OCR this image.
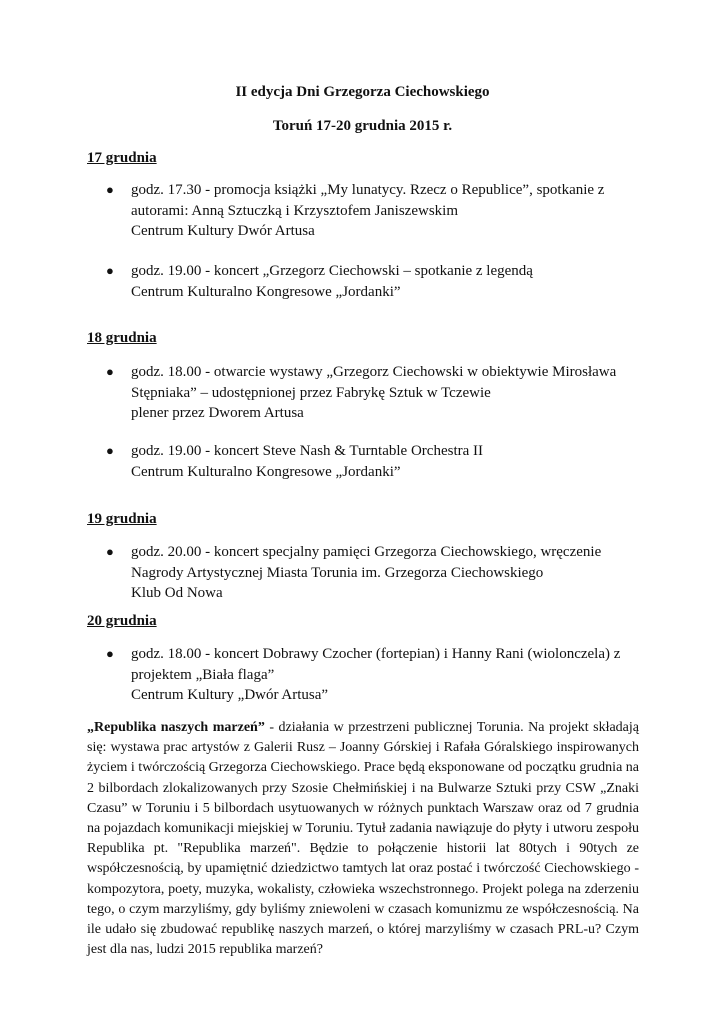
II edycja Dni Grzegorza Ciechowskiego
Toruń 17-20 grudnia 2015 r.
17 grudnia
● godz. 17.30 - promocja książki „My lunatycy. Rzecz o Republice”, spotkanie z
autorami: Anną Sztuczką i Krzysztofem Janiszewskim
Centrum Kultury Dwór Artusa
● godz. 19.00 - koncert „Grzegorz Ciechowski – spotkanie z legendą
Centrum Kulturalno Kongresowe „Jordanki”
18 grudnia
● godz. 18.00 - otwarcie wystawy „Grzegorz Ciechowski w obiektywie Mirosława
Stępniaka” – udostępnionej przez Fabrykę Sztuk w Tczewie
plener przez Dworem Artusa
● godz. 19.00 - koncert Steve Nash & Turntable Orchestra II
Centrum Kulturalno Kongresowe „Jordanki”
19 grudnia
● godz. 20.00 - koncert specjalny pamięci Grzegorza Ciechowskiego, wręczenie
Nagrody Artystycznej Miasta Torunia im. Grzegorza Ciechowskiego
Klub Od Nowa
20 grudnia
● godz. 18.00 - koncert Dobrawy Czocher (fortepian) i Hanny Rani (wiolonczela) z
projektem „Biała flaga”
Centrum Kultury „Dwór Artusa”
„Republika naszych marzeń” - działania w przestrzeni publicznej Torunia. Na projekt składają się: wystawa prac artystów z Galerii Rusz – Joanny Górskiej i Rafała Góralskiego inspirowanych życiem i twórczością Grzegorza Ciechowskiego. Prace będą eksponowane od początku grudnia na 2 bilbordach zlokalizowanych przy Szosie Chełmińskiej i na Bulwarze Sztuki przy CSW „Znaki Czasu” w Toruniu i 5 bilbordach usytuowanych w różnych punktach Warszaw oraz od 7 grudnia na pojazdach komunikacji miejskiej w Toruniu. Tytuł zadania nawiązuje do płyty i utworu zespołu Republika pt. "Republika marzeń". Będzie to połączenie historii lat 80tych i 90tych ze współczesnością, by upamiętnić dziedzictwo tamtych lat oraz postać i twórczość Ciechowskiego - kompozytora, poety, muzyka, wokalisty, człowieka wszechstronnego. Projekt polega na zderzeniu tego, o czym marzyliśmy, gdy byliśmy zniewoleni w czasach komunizmu ze współczesnością. Na ile udało się zbudować republikę naszych marzeń, o której marzyliśmy w czasach PRL-u? Czym jest dla nas, ludzi 2015 republika marzeń?
